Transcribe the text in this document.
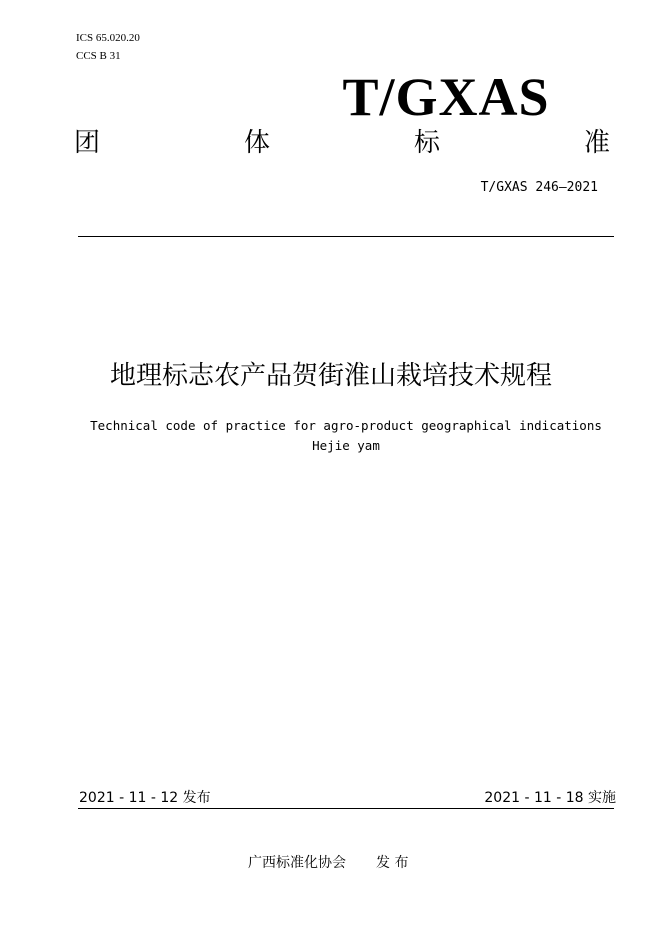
ICS 65.020.20
CCS B 31
T/GXAS
团	体	标	准
T/GXAS 246—2021
地理标志农产品贺街淮山栽培技术规程
Technical code of practice for agro-product geographical indications
Hejie yam
2021 - 11 - 12 发布	2021 - 11 - 18 实施
广西标准化协会 发 布
